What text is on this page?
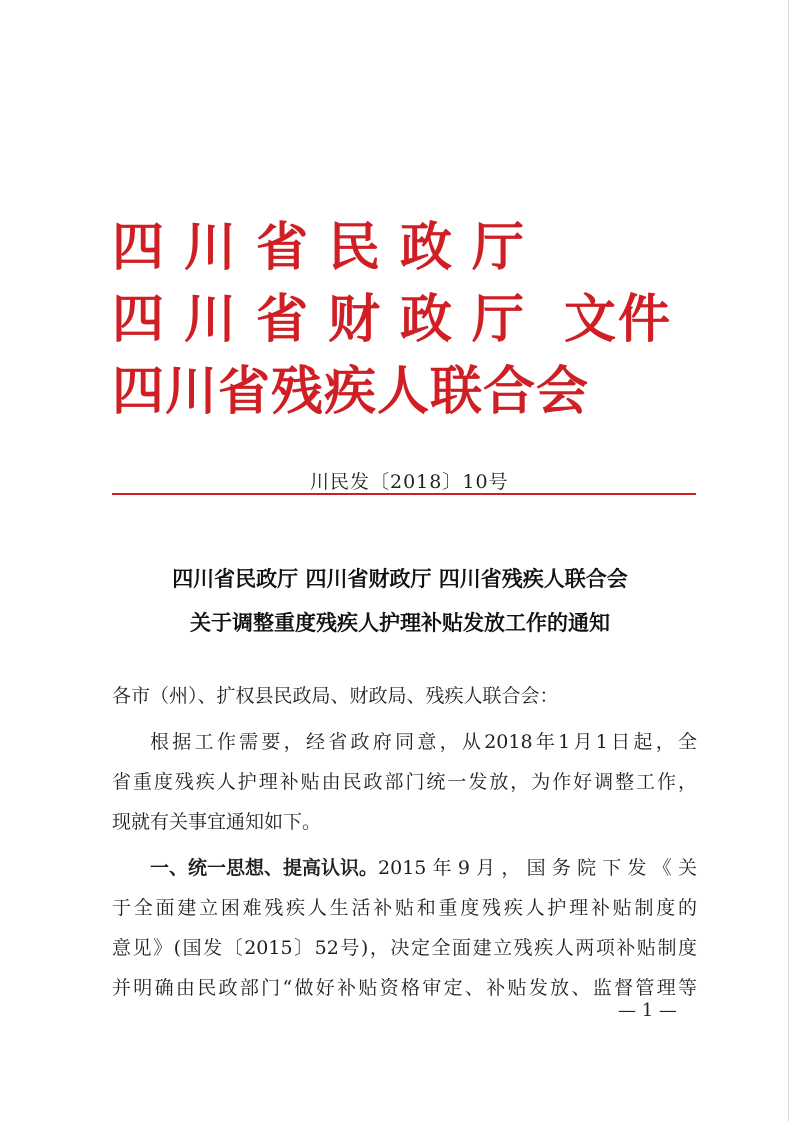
四川省民政厅
四川省财政厅 文件
四川省残疾人联合会
川民发〔2018〕10号
四川省民政厅 四川省财政厅 四川省残疾人联合会
关于调整重度残疾人护理补贴发放工作的通知
各市（州）、扩权县民政局、财政局、残疾人联合会：
根据工作需要，经省政府同意，从2018年1月1日起，全
省重度残疾人护理补贴由民政部门统一发放，为作好调整工作，
现就有关事宜通知如下。
一、统一思想、提高认识。 2015年9月，国务院下发《关
于全面建立困难残疾人生活补贴和重度残疾人护理补贴制度的
意见》(国发〔2015〕52号)，决定全面建立残疾人两项补贴制度
并明确由民政部门“做好补贴资格审定、补贴发放、监督管理等
— 1 —
